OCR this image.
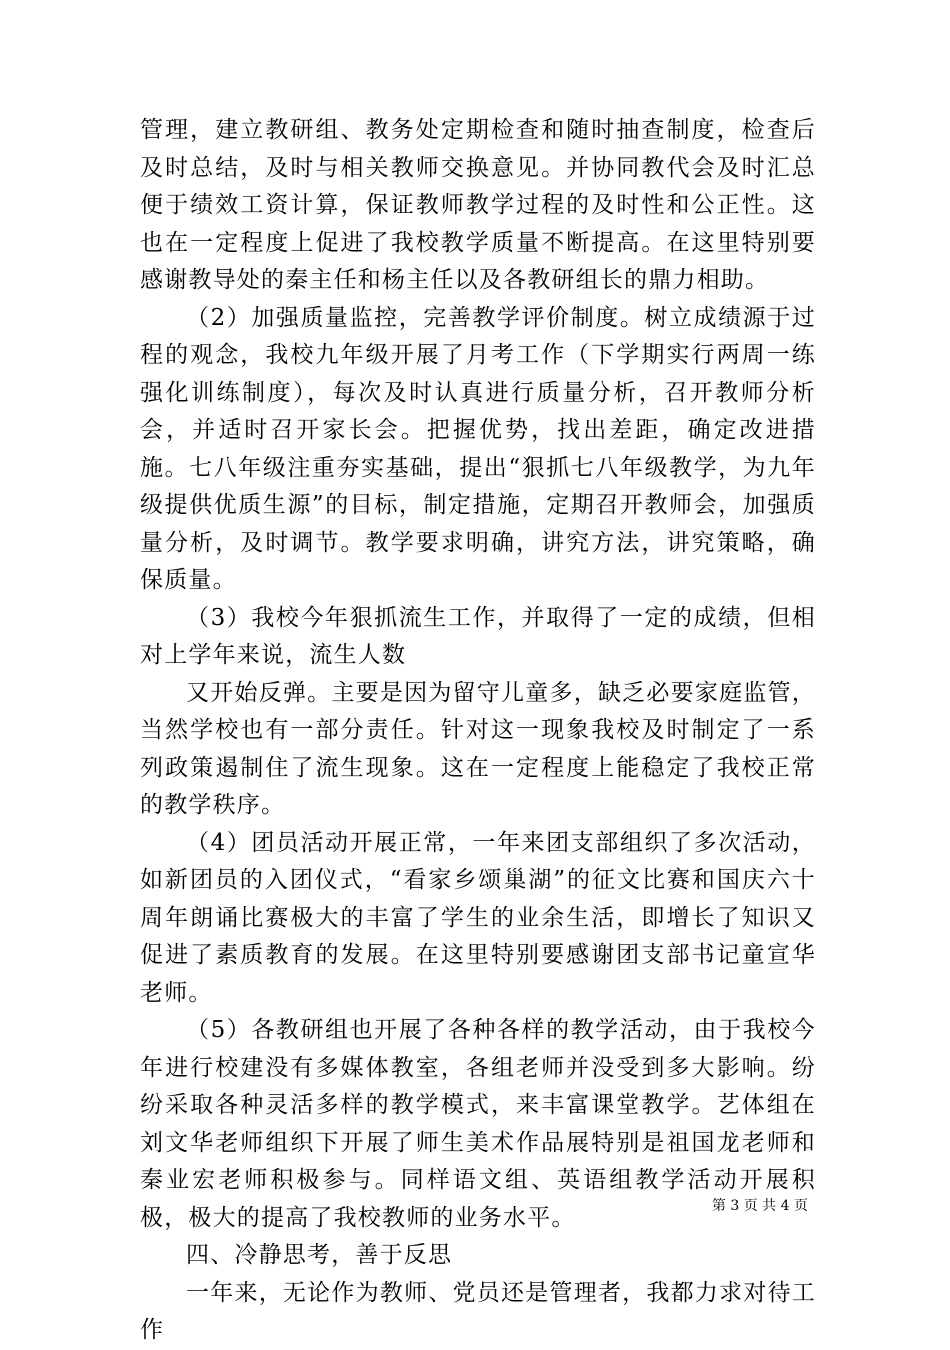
管理，建立教研组、教务处定期检查和随时抽查制度，检查后及时总结，及时与相关教师交换意见。并协同教代会及时汇总便于绩效工资计算，保证教师教学过程的及时性和公正性。这也在一定程度上促进了我校教学质量不断提高。在这里特别要感谢教导处的秦主任和杨主任以及各教研组长的鼎力相助。

（2）加强质量监控，完善教学评价制度。树立成绩源于过程的观念，我校九年级开展了月考工作（下学期实行两周一练强化训练制度），每次及时认真进行质量分析，召开教师分析会，并适时召开家长会。把握优势，找出差距，确定改进措施。七八年级注重夯实基础，提出“狠抓七八年级教学，为九年级提供优质生源”的目标，制定措施，定期召开教师会，加强质量分析，及时调节。教学要求明确，讲究方法，讲究策略，确保质量。

（3）我校今年狠抓流生工作，并取得了一定的成绩，但相对上学年来说，流生人数

又开始反弹。主要是因为留守儿童多，缺乏必要家庭监管，当然学校也有一部分责任。针对这一现象我校及时制定了一系列政策遏制住了流生现象。这在一定程度上能稳定了我校正常的教学秩序。

（4）团员活动开展正常，一年来团支部组织了多次活动，如新团员的入团仪式，“看家乡颂巢湖”的征文比赛和国庆六十周年朗诵比赛极大的丰富了学生的业余生活，即增长了知识又促进了素质教育的发展。在这里特别要感谢团支部书记童宣华老师。

（5）各教研组也开展了各种各样的教学活动，由于我校今年进行校建没有多媒体教室，各组老师并没受到多大影响。纷纷采取各种灵活多样的教学模式，来丰富课堂教学。艺体组在刘文华老师组织下开展了师生美术作品展特别是祖国龙老师和秦业宏老师积极参与。同样语文组、英语组教学活动开展积极，极大的提高了我校教师的业务水平。

四、冷静思考，善于反思

一年来，无论作为教师、党员还是管理者，我都力求对待工作

第 3 页 共 4 页
